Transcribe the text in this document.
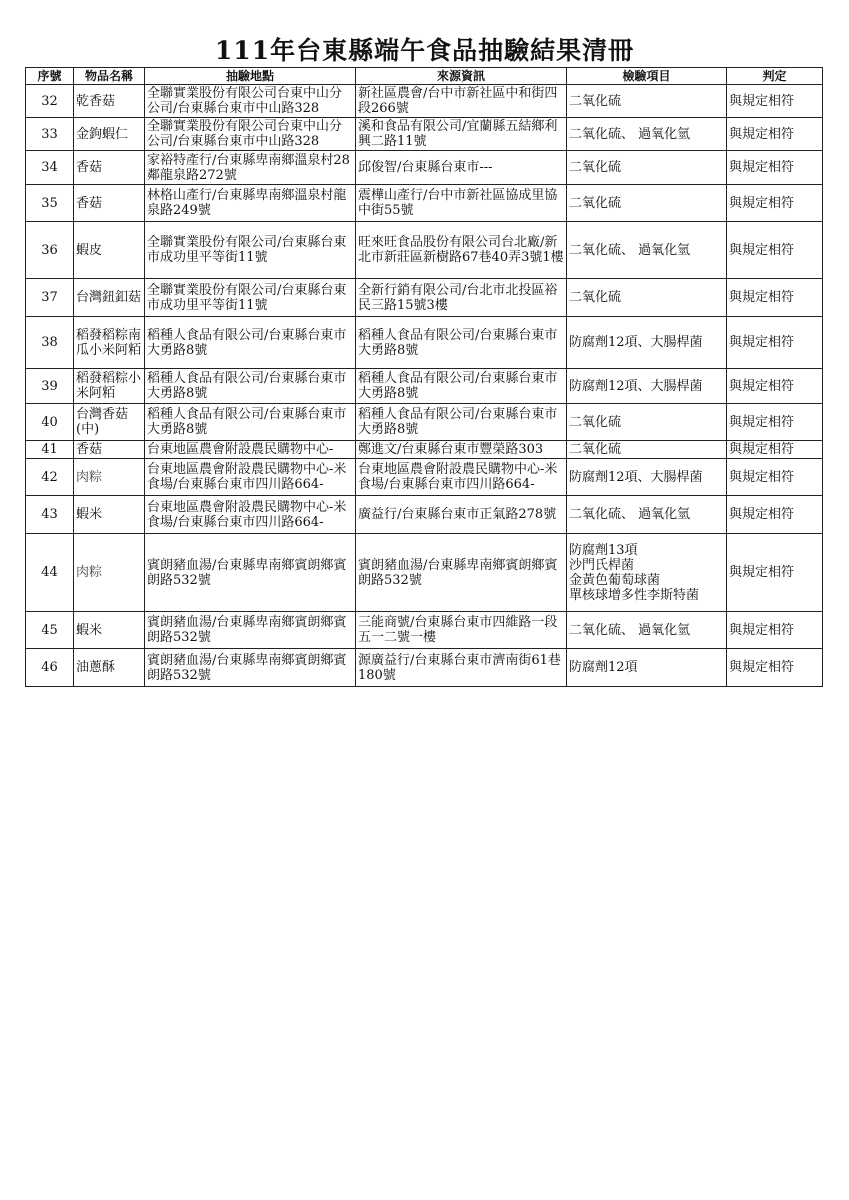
111年台東縣端午食品抽驗結果清冊
序號	物品名稱	抽驗地點	來源資訊	檢驗項目	判定
32	乾香菇	全聯實業股份有限公司台東中山分公司/台東縣台東市中山路328	新社區農會/台中市新社區中和街四段266號	二氧化硫	與規定相符
33	金鉤蝦仁	全聯實業股份有限公司台東中山分公司/台東縣台東市中山路328	溪和食品有限公司/宜蘭縣五結鄉利興二路11號	二氧化硫、 過氧化氫	與規定相符
34	香菇	家裕特產行/台東縣卑南鄉溫泉村28鄰龍泉路272號	邱俊智/台東縣台東市---	二氧化硫	與規定相符
35	香菇	林格山產行/台東縣卑南鄉溫泉村龍泉路249號	震樺山產行/台中市新社區協成里協中街55號	二氧化硫	與規定相符
36	蝦皮	全聯實業股份有限公司/台東縣台東市成功里平等街11號	旺來旺食品股份有限公司台北廠/新北市新莊區新樹路67巷40弄3號1樓	二氧化硫、 過氧化氫	與規定相符
37	台灣鈕釦菇	全聯實業股份有限公司/台東縣台東市成功里平等街11號	全新行銷有限公司/台北市北投區裕民三路15號3樓	二氧化硫	與規定相符
38	稻發稻粽南瓜小米阿粨	稻種人食品有限公司/台東縣台東市大勇路8號	稻種人食品有限公司/台東縣台東市大勇路8號	防腐劑12項、大腸桿菌	與規定相符
39	稻發稻粽小米阿粨	稻種人食品有限公司/台東縣台東市大勇路8號	稻種人食品有限公司/台東縣台東市大勇路8號	防腐劑12項、大腸桿菌	與規定相符
40	台灣香菇(中)	稻種人食品有限公司/台東縣台東市大勇路8號	稻種人食品有限公司/台東縣台東市大勇路8號	二氧化硫	與規定相符
41	香菇	台東地區農會附設農民購物中心-	鄭進文/台東縣台東市豐榮路303	二氧化硫	與規定相符
42	肉粽	台東地區農會附設農民購物中心-米食場/台東縣台東市四川路664-	台東地區農會附設農民購物中心-米食場/台東縣台東市四川路664-	防腐劑12項、大腸桿菌	與規定相符
43	蝦米	台東地區農會附設農民購物中心-米食場/台東縣台東市四川路664-	廣益行/台東縣台東市正氣路278號	二氧化硫、 過氧化氫	與規定相符
44	肉粽	賓朗豬血湯/台東縣卑南鄉賓朗鄉賓朗路532號	賓朗豬血湯/台東縣卑南鄉賓朗鄉賓朗路532號	防腐劑13項
沙門氏桿菌
金黃色葡萄球菌
單核球增多性李斯特菌	與規定相符
45	蝦米	賓朗豬血湯/台東縣卑南鄉賓朗鄉賓朗路532號	三能商號/台東縣台東市四維路一段五一二號一樓	二氧化硫、 過氧化氫	與規定相符
46	油蔥酥	賓朗豬血湯/台東縣卑南鄉賓朗鄉賓朗路532號	源廣益行/台東縣台東市濟南街61巷180號	防腐劑12項	與規定相符
